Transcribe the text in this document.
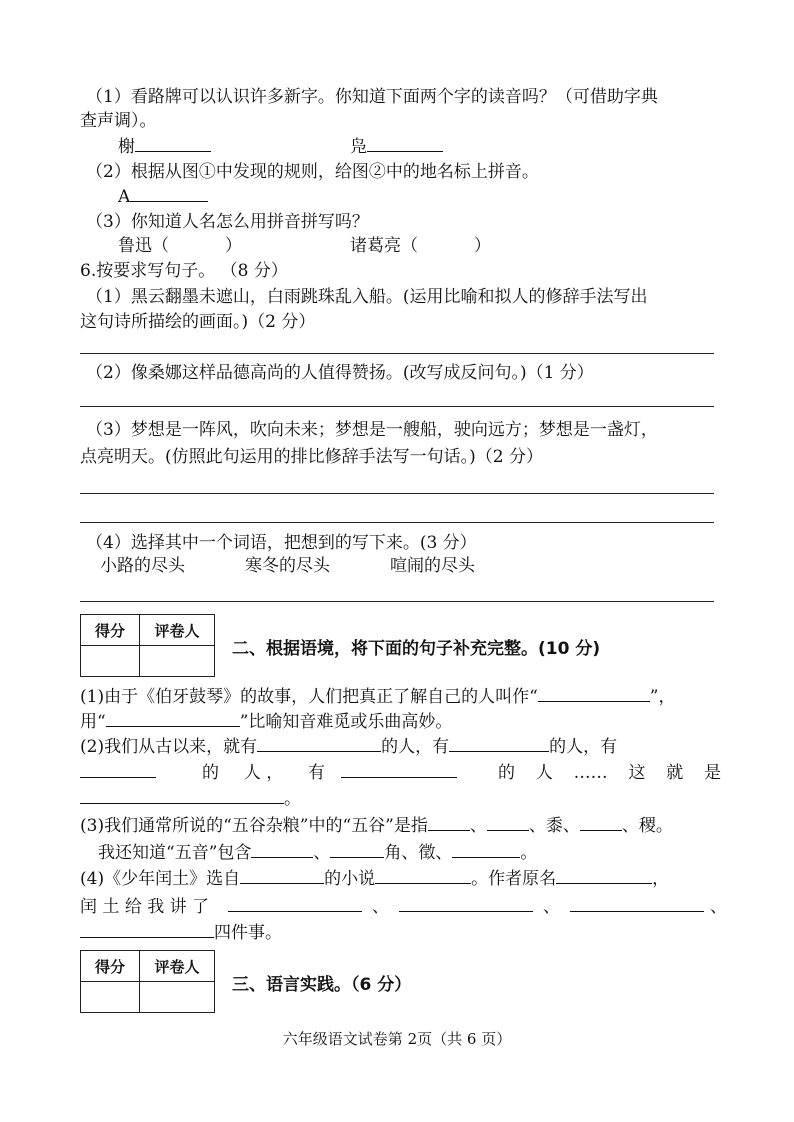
（1）看路牌可以认识许多新字。你知道下面两个字的读音吗？（可借助字典
查声调）。
榭	凫
（2）根据从图①中发现的规则，给图②中的地名标上拼音。
A
（3）你知道人名怎么用拼音拼写吗？
鲁迅（	）	诸葛亮（	）
6.按要求写句子。 （8 分）
（1）黑云翻墨未遮山，白雨跳珠乱入船。(运用比喻和拟人的修辞手法写出
这句诗所描绘的画面。)（2 分）
（2）像桑娜这样品德高尚的人值得赞扬。(改写成反问句。)（1 分）
（3）梦想是一阵风，吹向未来；梦想是一艘船，驶向远方；梦想是一盏灯，
点亮明天。(仿照此句运用的排比修辞手法写一句话。)（2 分）
（4）选择其中一个词语，把想到的写下来。(3 分）
小路的尽头	寒冬的尽头	喧闹的尽头
得分	评卷人

二、根据语境，将下面的句子补充完整。(10 分)
(1)由于《伯牙鼓琴》的故事，人们把真正了解自己的人叫作“	”，
用“	”比喻知音难觅或乐曲高妙。
(2)我们从古以来，就有	的人，有	的人，有
的 人 ， 有	的 人 …… 这 就 是
。
(3)我们通常所说的“五谷杂粮”中的“五谷”是指 、 、黍、 、稷。
我还知道“五音”包含	、	角、徵、	。
(4)《少年闰土》选自	的小说	。作者原名	，
闰 土 给 我 讲 了	、	、	、
四件事。
得分	评卷人

三、语言实践。（6 分）
六年级语文试卷第 2页（共 6 页）
